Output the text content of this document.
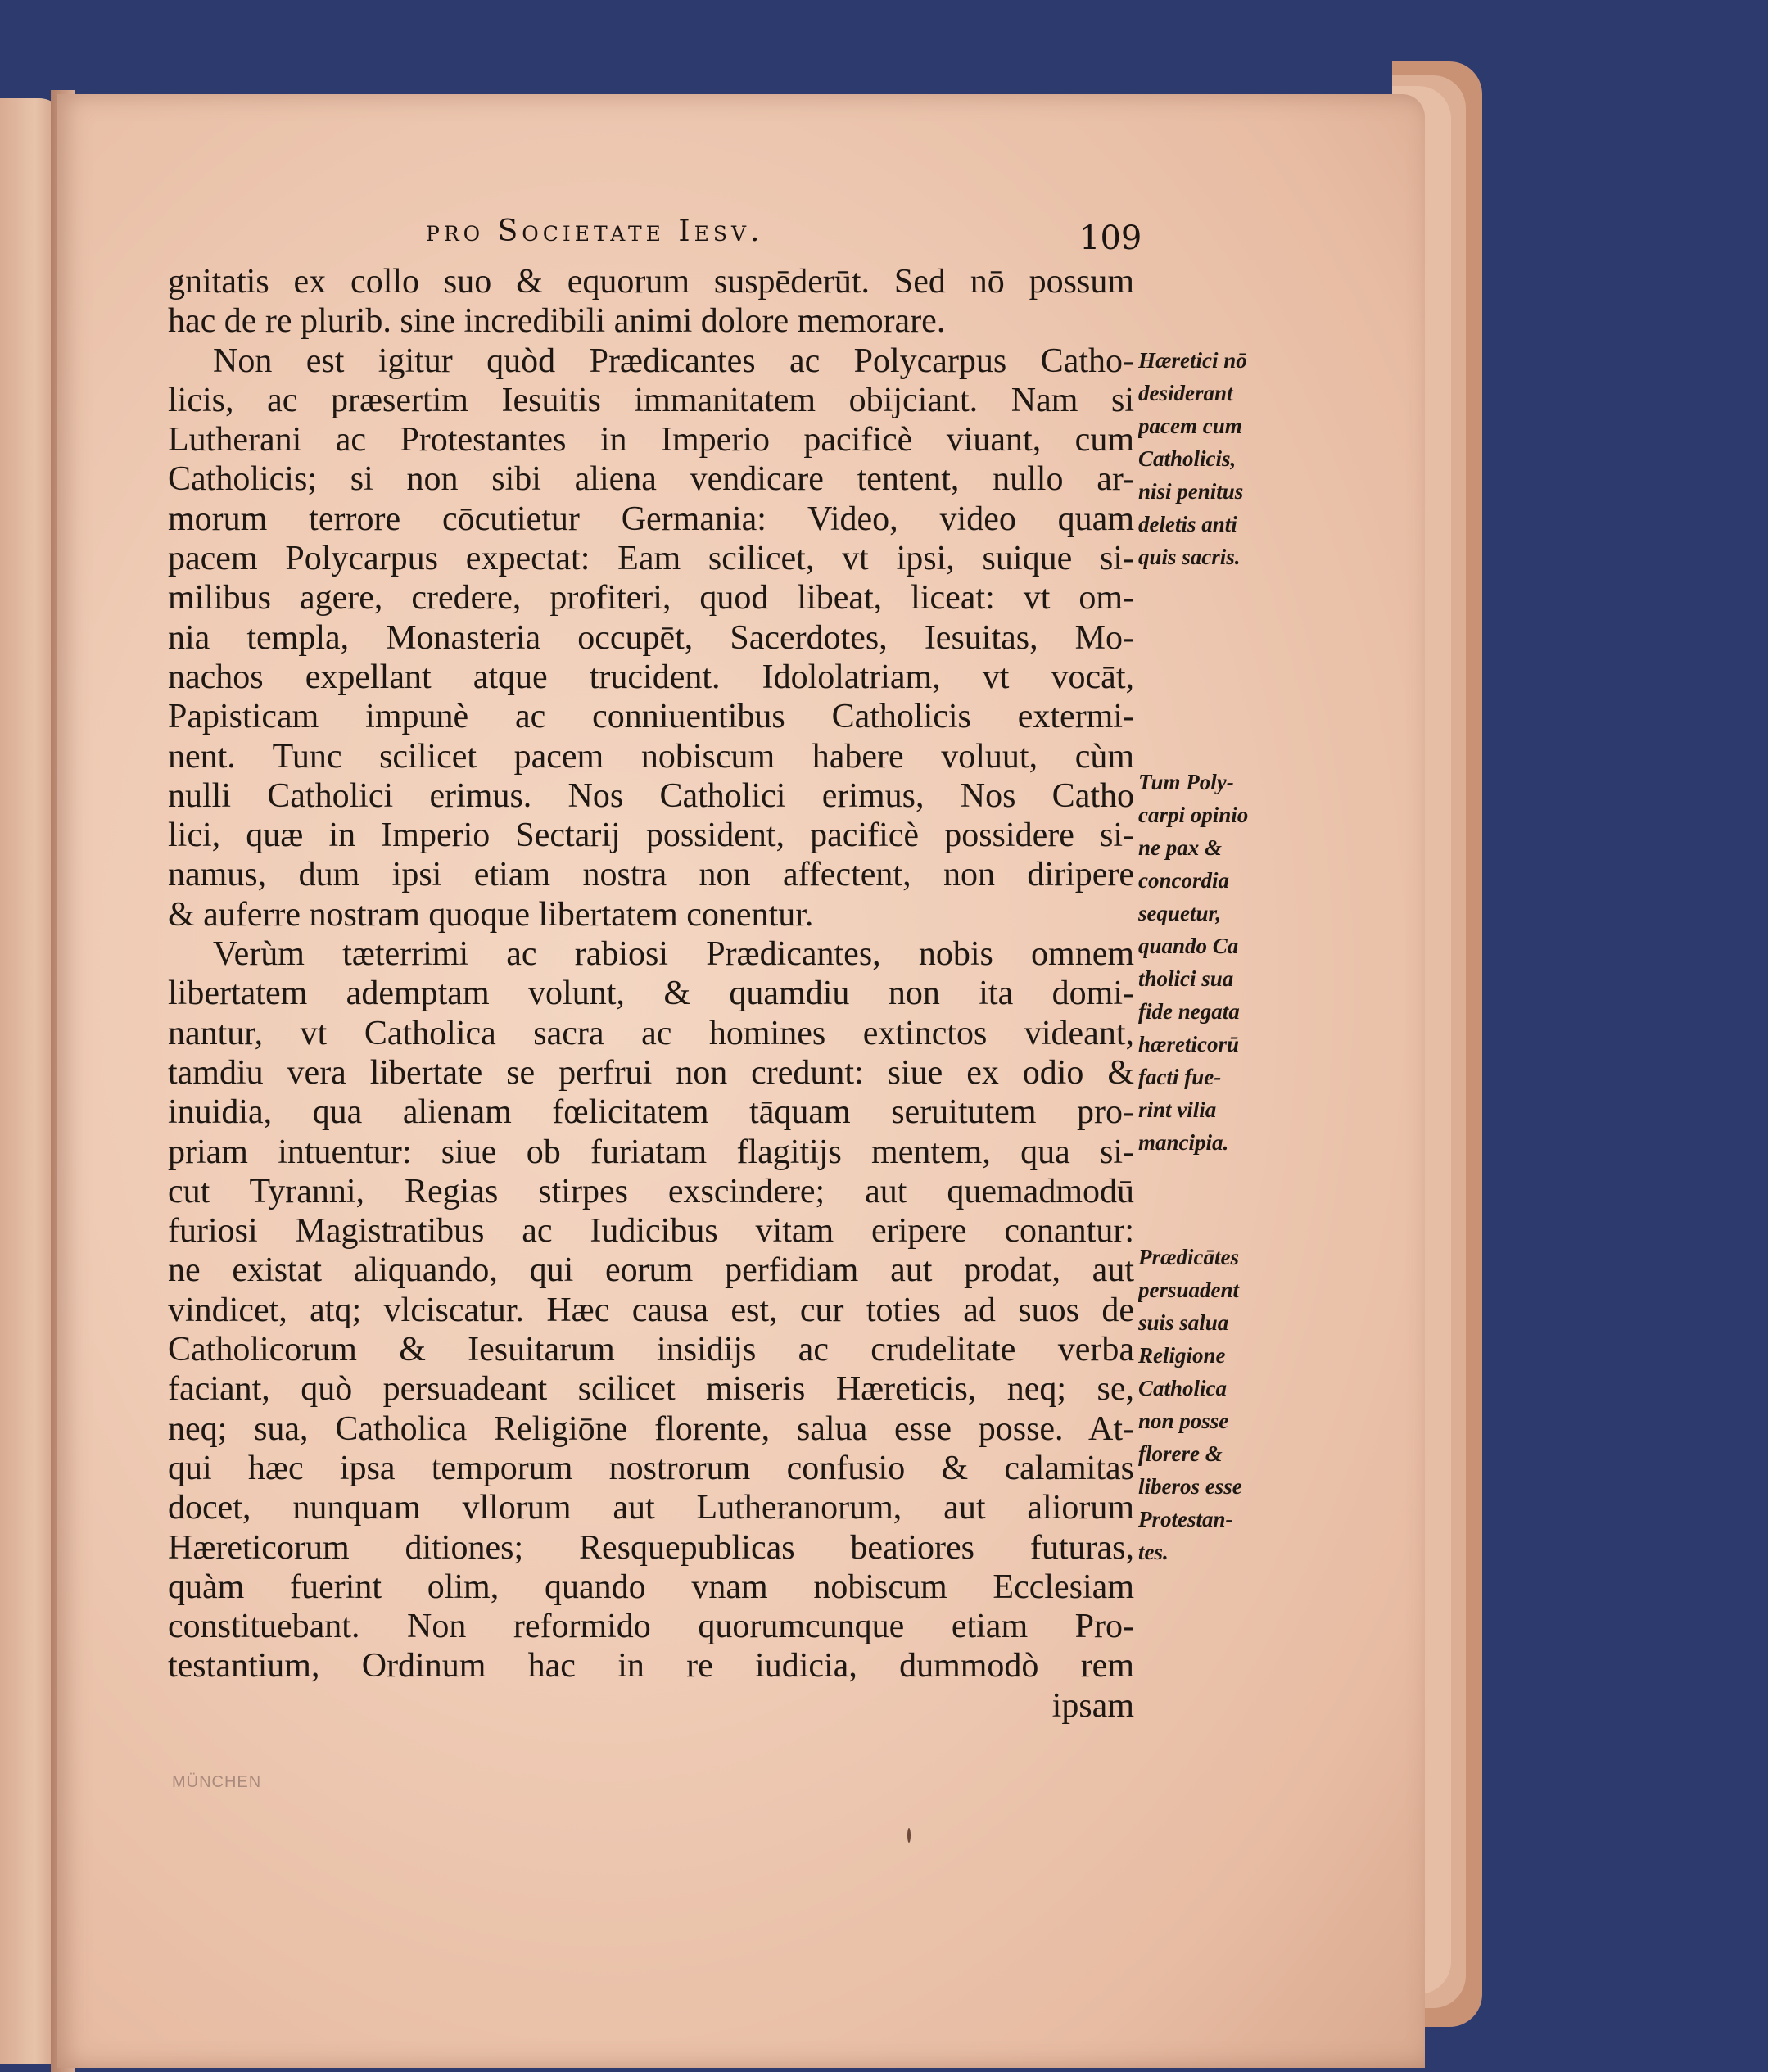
pro Societate Iesv.	109
gnitatis ex collo suo & equorum suspēderūt. Sed nō possum
hac de re plurib. sine incredibili animi dolore memorare.
Non est igitur quòd Prædicantes ac Polycarpus Catho-
licis, ac præsertim Iesuitis immanitatem obijciant. Nam si
Lutherani ac Protestantes in Imperio pacificè viuant, cum
Catholicis; si non sibi aliena vendicare tentent, nullo ar-
morum terrore cōcutietur Germania: Video, video quam
pacem Polycarpus expectat: Eam scilicet, vt ipsi, suique si-
milibus agere, credere, profiteri, quod libeat, liceat: vt om-
nia templa, Monasteria occupēt, Sacerdotes, Iesuitas, Mo-
nachos expellant atque trucident. Idololatriam, vt vocāt,
Papisticam impunè ac conniuentibus Catholicis extermi-
nent. Tunc scilicet pacem nobiscum habere voluut, cùm
nulli Catholici erimus. Nos Catholici erimus, Nos Catho
lici, quæ in Imperio Sectarij possident, pacificè possidere si-
namus, dum ipsi etiam nostra non affectent, non diripere
& auferre nostram quoque libertatem conentur.
Verùm tæterrimi ac rabiosi Prædicantes, nobis omnem
libertatem ademptam volunt, & quamdiu non ita domi-
nantur, vt Catholica sacra ac homines extinctos videant,
tamdiu vera libertate se perfrui non credunt: siue ex odio &
inuidia, qua alienam fœlicitatem tāquam seruitutem pro-
priam intuentur: siue ob furiatam flagitijs mentem, qua si-
cut Tyranni, Regias stirpes exscindere; aut quemadmodū
furiosi Magistratibus ac Iudicibus vitam eripere conantur:
ne existat aliquando, qui eorum perfidiam aut prodat, aut
vindicet, atq; vlciscatur. Hæc causa est, cur toties ad suos de
Catholicorum & Iesuitarum insidijs ac crudelitate verba
faciant, quò persuadeant scilicet miseris Hæreticis, neq; se,
neq; sua, Catholica Religiōne florente, salua esse posse. At-
qui hæc ipsa temporum nostrorum confusio & calamitas
docet, nunquam vllorum aut Lutheranorum, aut aliorum
Hæreticorum ditiones; Resquepublicas beatiores futuras,
quàm fuerint olim, quando vnam nobiscum Ecclesiam
constituebant. Non reformido quorumcunque etiam Pro-
testantium, Ordinum hac in re iudicia, dummodò rem
ipsam
Hæretici nō
desiderant
pacem cum
Catholicis,
nisi penitus
deletis anti
quis sacris.
Tum Poly-
carpi opinio
ne pax &
concordia
sequetur,
quando Ca
tholici sua
fide negata
hæreticorū
facti fue-
rint vilia
mancipia.
Prædicātes
persuadent
suis salua
Religione
Catholica
non posse
florere &
liberos esse
Protestan-
tes.
MÜNCHEN
